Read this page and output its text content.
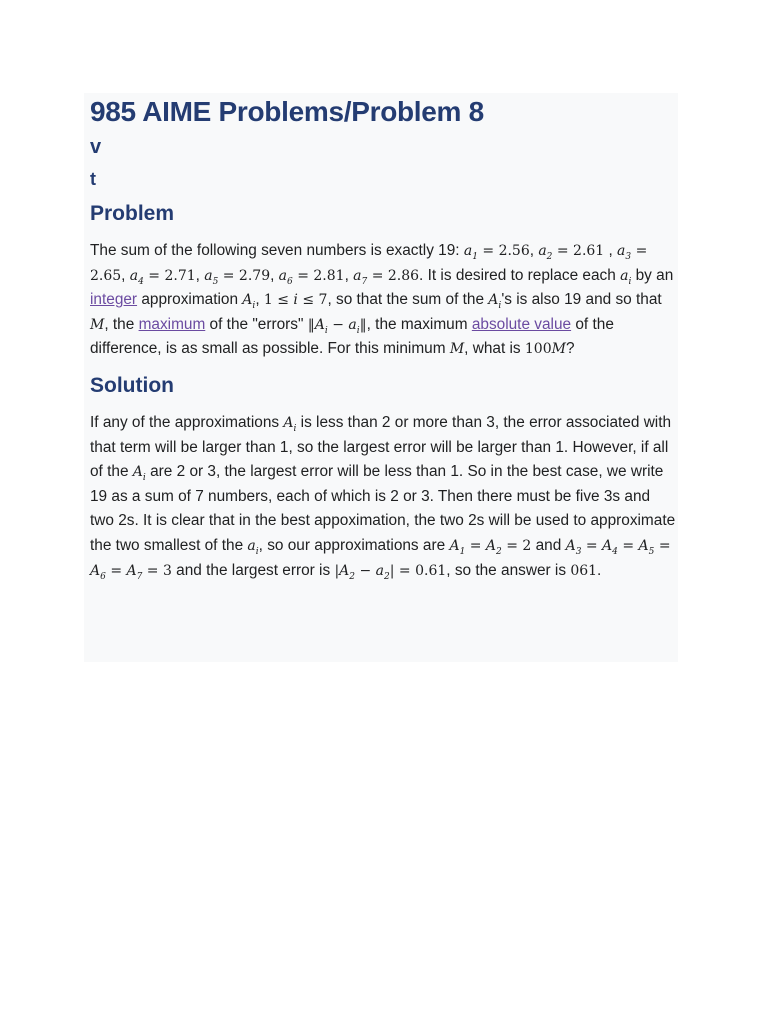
985 AIME Problems/Problem 8
v
t
Problem

The sum of the following seven numbers is exactly 19: $a_1 = 2.56$, $a_2 = 2.61$ , $a_3 = 2.65$, $a_4 = 2.71$, $a_5 = 2.79$, $a_6 = 2.81$, $a_7 = 2.86$. It is desired to replace each $a_i$ by an integer approximation $A_i$, 1 ≤ i ≤ 7, so that the sum of the $A_i's$ is also 19 and so that M, the maximum of the "errors" $‖A_i$ − $a_i‖$, the maximum absolute value of the difference, is as small as possible. For this minimum M, what is 100M?

Solution

If any of the approximations $A_i$ is less than 2 or more than 3, the error associated with that term will be larger than 1, so the largest error will be larger than 1. However, if all of the $A_i$ are 2 or 3, the largest error will be less than 1. So in the best case, we write 19 as a sum of 7 numbers, each of which is 2 or 3. Then there must be five 3s and two 2s. It is clear that in the best appoximation, the two 2s will be used to approximate the two smallest of the $a_i$, so our approximations are $A_1 = A_2 = 2$ and $A_3 = A_4 = A_5 = A_6 = A_7 = 3$ and the largest error is $|A_2 - a_2| = 0.61$, so the answer is 061.
